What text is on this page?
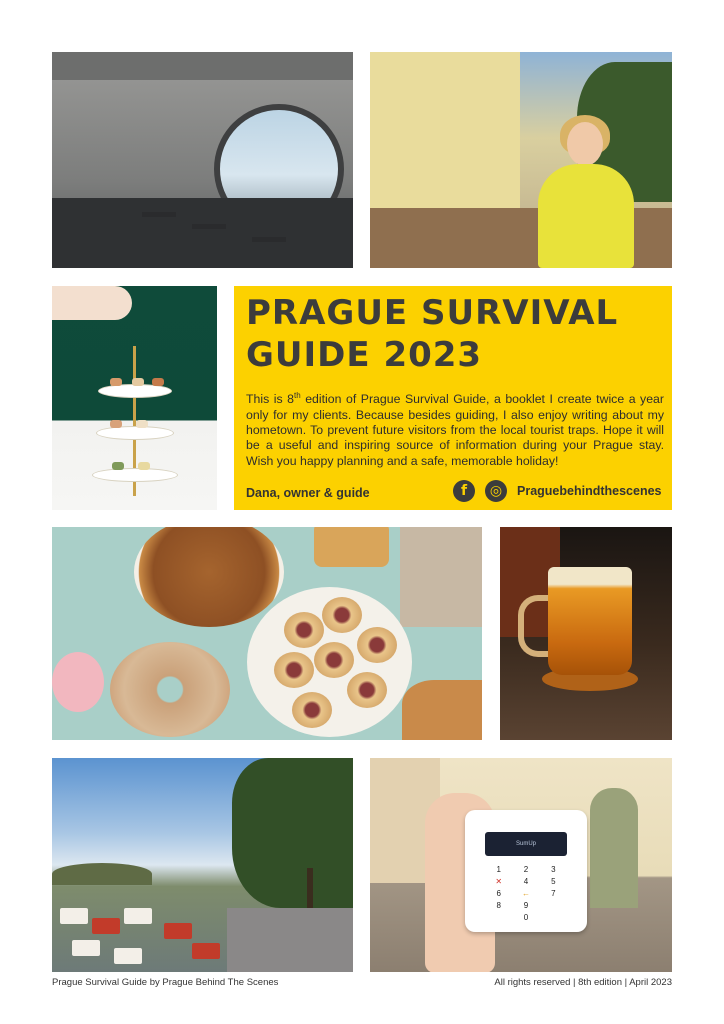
PRAGUE SURVIVAL
GUIDE 2023

This is 8th edition of Prague Survival Guide, a booklet I create twice a year only for my clients. Because besides guiding, I also enjoy writing about my hometown. To prevent future visitors from the local tourist traps. Hope it will be a useful and inspiring source of information during your Prague stay. Wish you happy planning and a safe, memorable holiday!

Dana, owner & guide	f	◎	Praguebehindthescenes
SumUp
1	2	3
✕	4	5
6	←	7
8	9
0
Prague Survival Guide by Prague Behind The Scenes	All rights reserved | 8th edition | April 2023
